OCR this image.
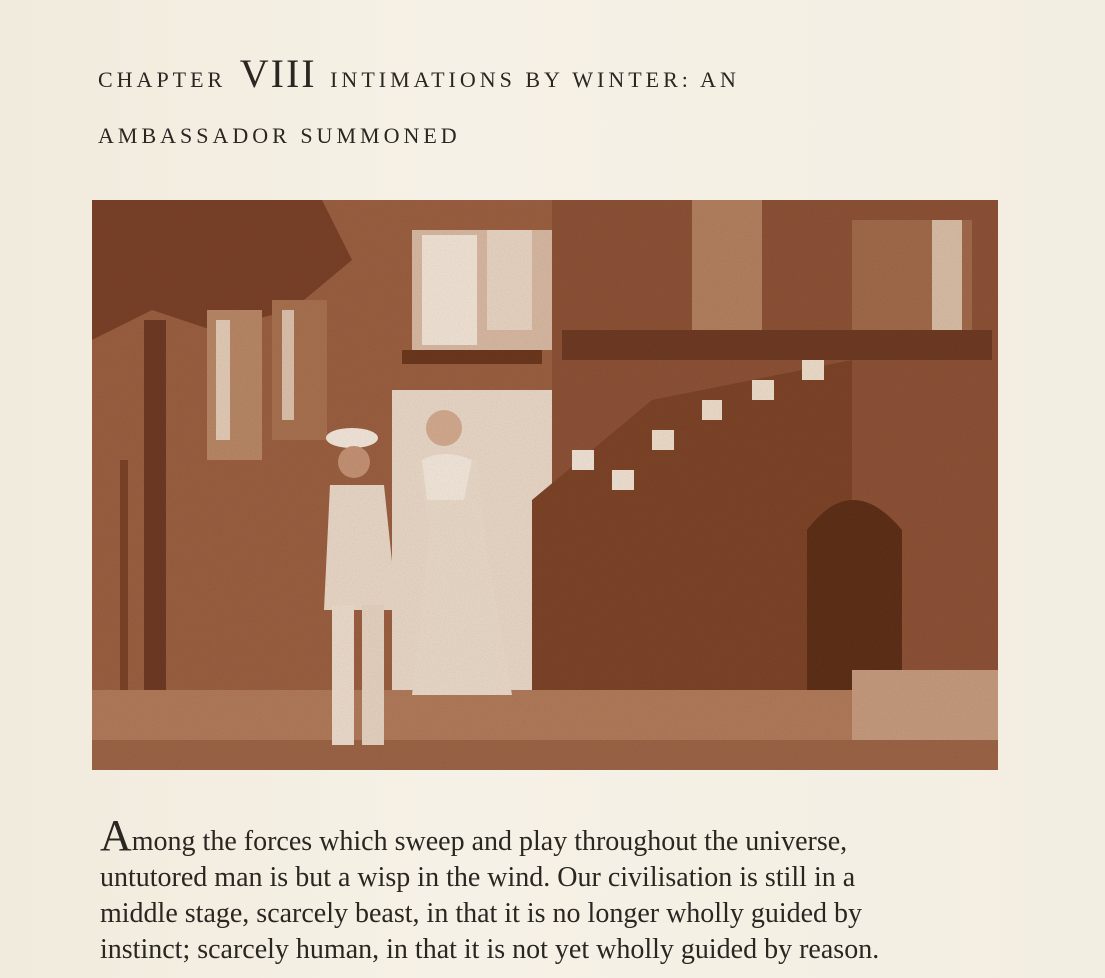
CHAPTER VIII INTIMATIONS BY WINTER: AN
AMBASSADOR SUMMONED

Among the forces which sweep and play throughout the universe,

untutored man is but a wisp in the wind. Our civilisation is still in a

middle stage, scarcely beast, in that it is no longer wholly guided by

instinct; scarcely human, in that it is not yet wholly guided by reason.
